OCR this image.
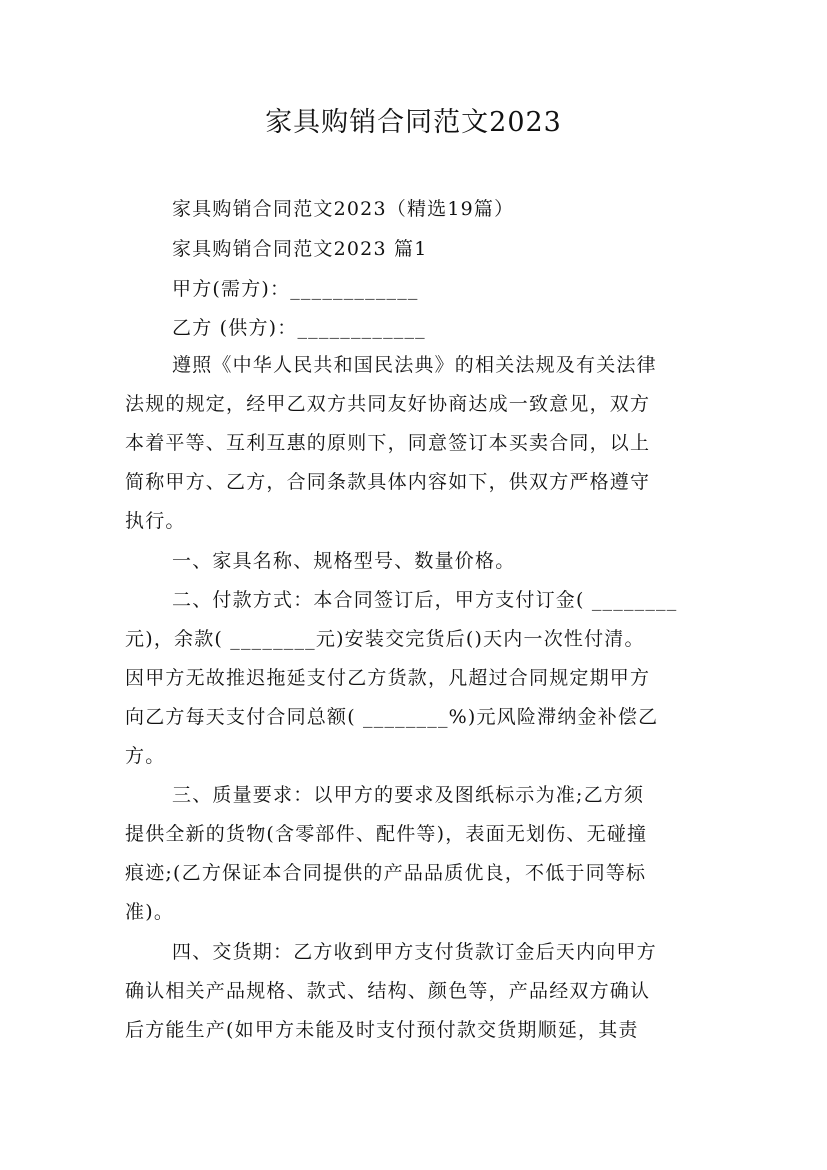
家具购销合同范文2023
家具购销合同范文2023（精选19篇）
家具购销合同范文2023 篇1
甲方(需方)：____________
乙方 (供方)：____________
遵照《中华人民共和国民法典》的相关法规及有关法律
法规的规定，经甲乙双方共同友好协商达成一致意见，双方
本着平等、互利互惠的原则下，同意签订本买卖合同，以上
简称甲方、乙方，合同条款具体内容如下，供双方严格遵守
执行。
一、家具名称、规格型号、数量价格。
二、付款方式：本合同签订后，甲方支付订金( ________
元)，余款( ________元)安装交完货后()天内一次性付清。
因甲方无故推迟拖延支付乙方货款，凡超过合同规定期甲方
向乙方每天支付合同总额( ________%)元风险滞纳金补偿乙
方。
三、质量要求：以甲方的要求及图纸标示为准;乙方须
提供全新的货物(含零部件、配件等)，表面无划伤、无碰撞
痕迹;(乙方保证本合同提供的产品品质优良，不低于同等标
准)。
四、交货期：乙方收到甲方支付货款订金后天内向甲方
确认相关产品规格、款式、结构、颜色等，产品经双方确认
后方能生产(如甲方未能及时支付预付款交货期顺延，其责
